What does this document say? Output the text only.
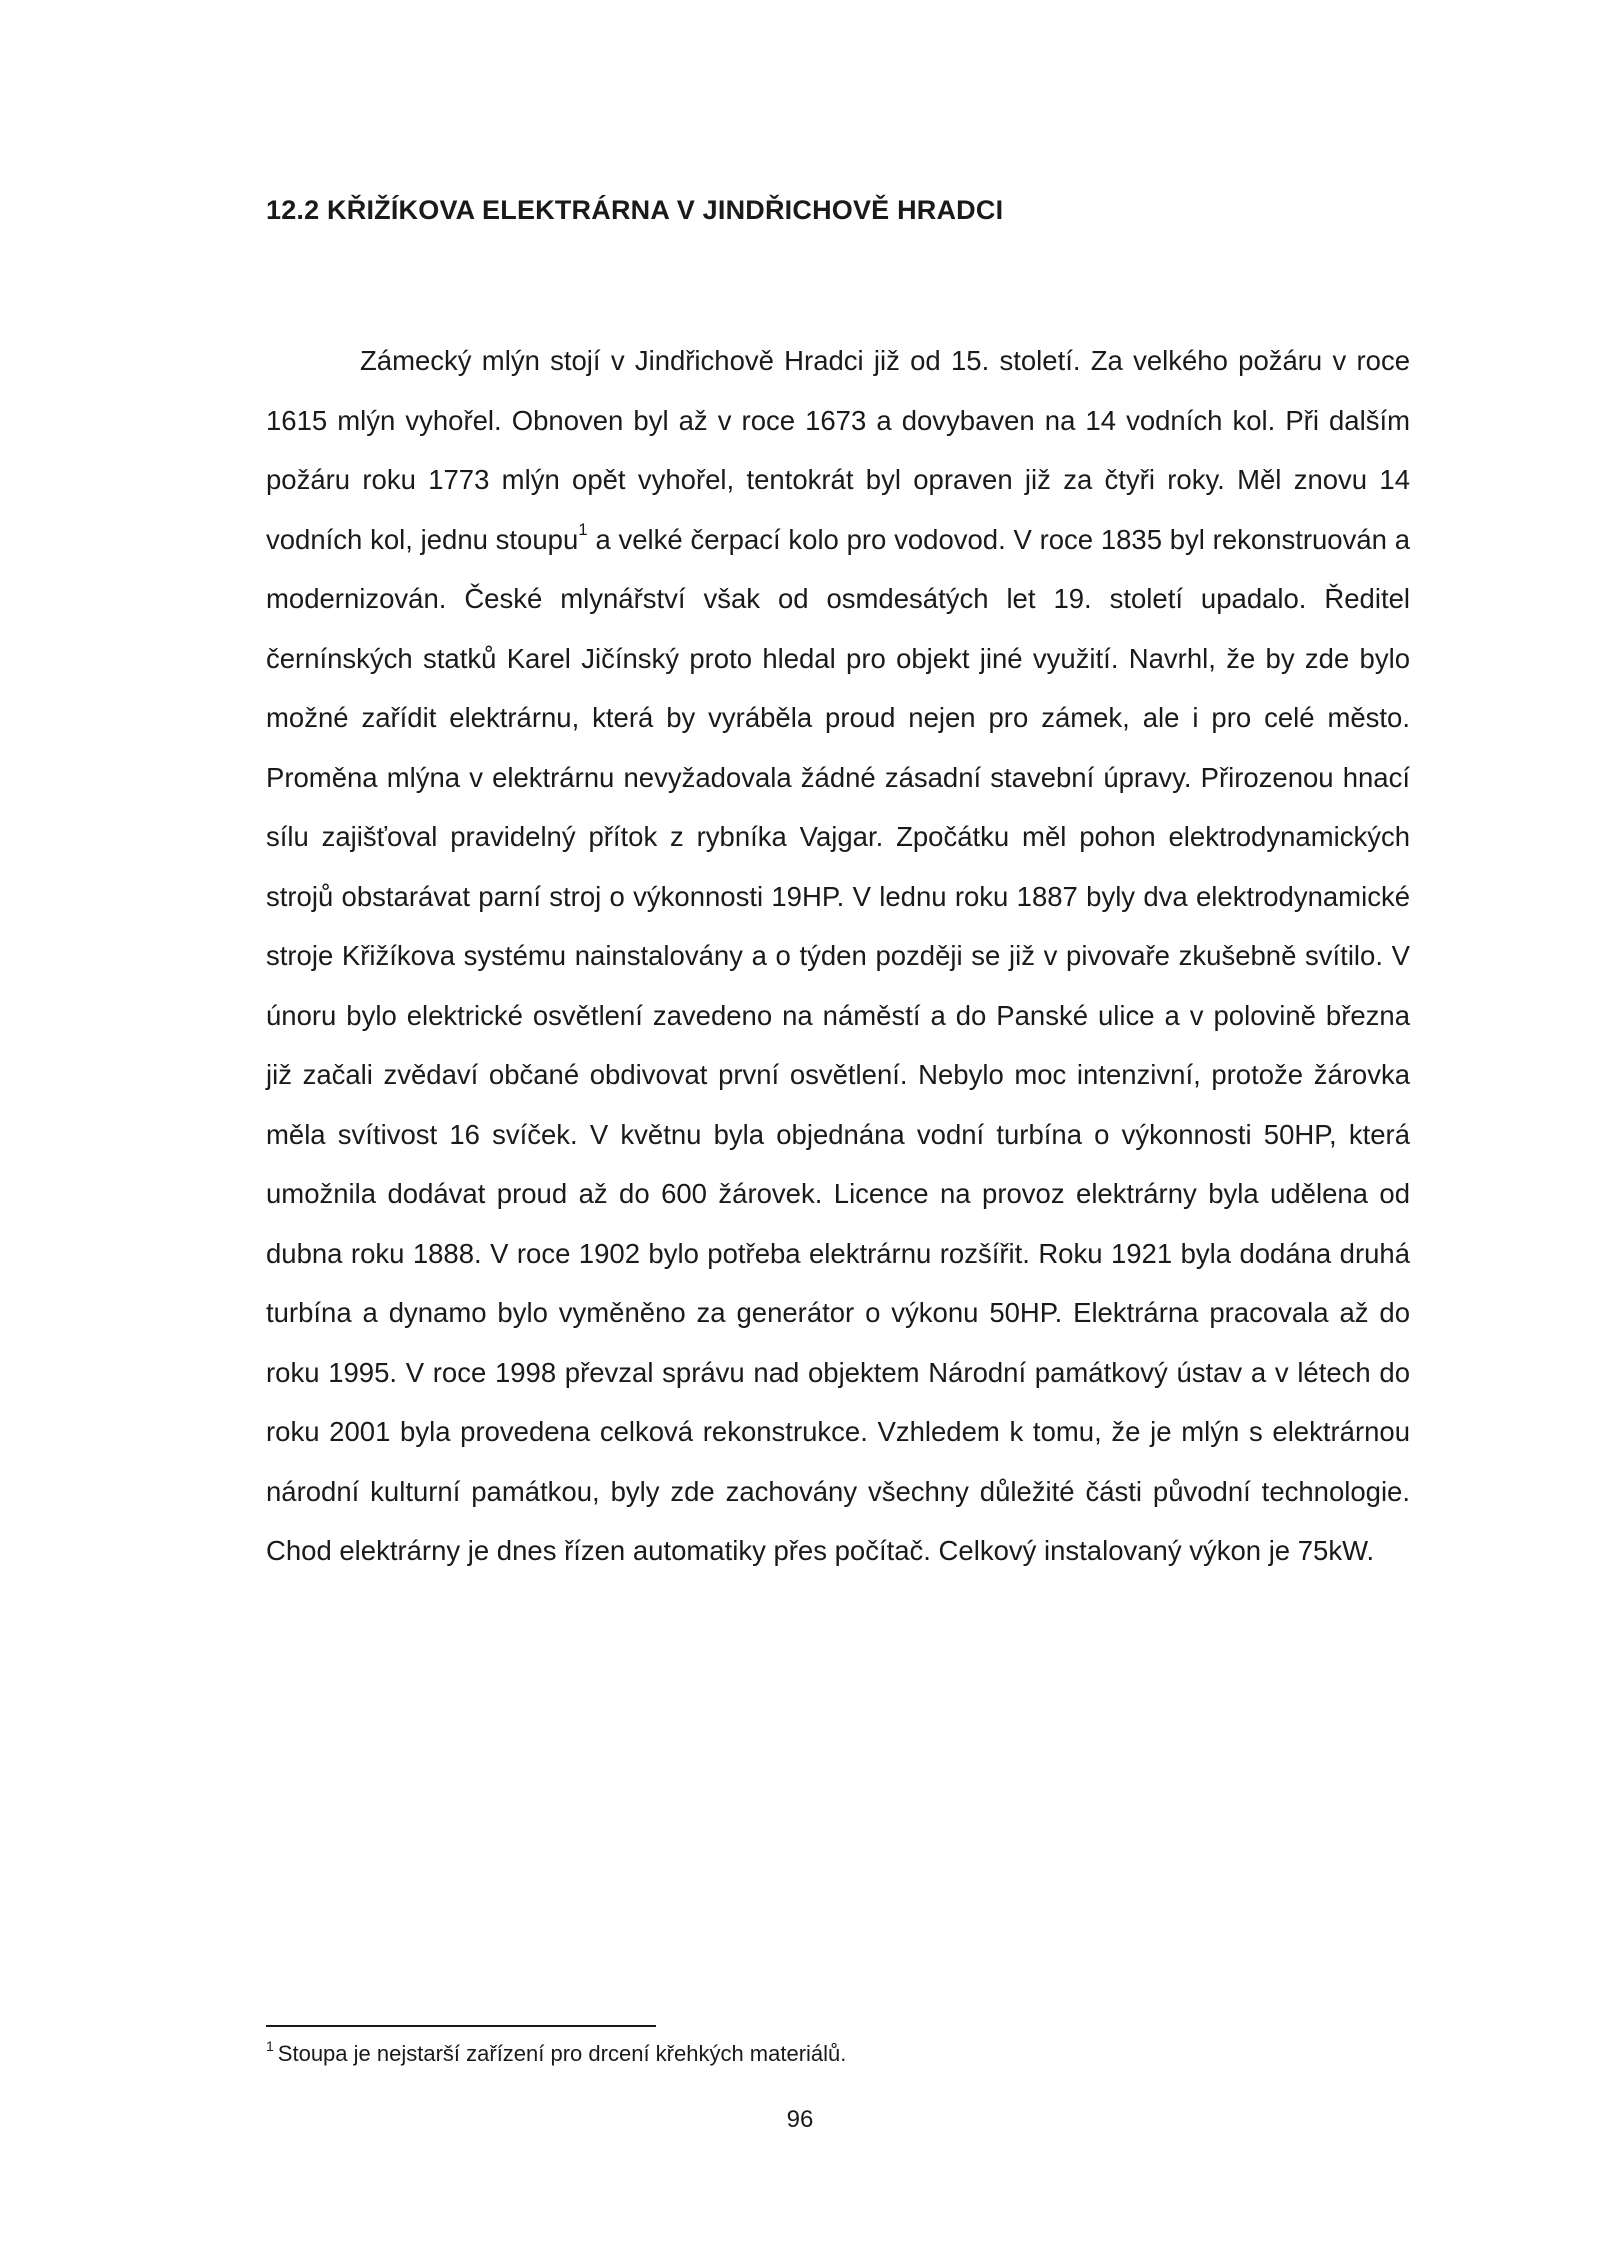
12.2 KŘIŽÍKOVA ELEKTRÁRNA V JINDŘICHOVĚ HRADCI

Zámecký mlýn stojí v Jindřichově Hradci již od 15. století. Za velkého požáru v roce 1615 mlýn vyhořel. Obnoven byl až v roce 1673 a dovybaven na 14 vodních kol. Při dalším požáru roku 1773 mlýn opět vyhořel, tentokrát byl opraven již za čtyři roky. Měl znovu 14 vodních kol, jednu stoupu$^1$ a velké čerpací kolo pro vodovod. V roce 1835 byl rekonstruován a modernizován. České mlynářství však od osmdesátých let 19. století upadalo. Ředitel černínských statků Karel Jičínský proto hledal pro objekt jiné využití. Navrhl, že by zde bylo možné zařídit elektrárnu, která by vyráběla proud nejen pro zámek, ale i pro celé město. Proměna mlýna v elektrárnu nevyžadovala žádné zásadní stavební úpravy. Přirozenou hnací sílu zajišťoval pravidelný přítok z rybníka Vajgar. Zpočátku měl pohon elektrodynamických strojů obstarávat parní stroj o výkonnosti 19HP. V lednu roku 1887 byly dva elektrodynamické stroje Křižíkova systému nainstalovány a o týden později se již v pivovaře zkušebně svítilo. V únoru bylo elektrické osvětlení zavedeno na náměstí a do Panské ulice a v polovině března již začali zvědaví občané obdivovat první osvětlení. Nebylo moc intenzivní, protože žárovka měla svítivost 16 svíček. V květnu byla objednána vodní turbína o výkonnosti 50HP, která umožnila dodávat proud až do 600 žárovek. Licence na provoz elektrárny byla udělena od dubna roku 1888. V roce 1902 bylo potřeba elektrárnu rozšířit. Roku 1921 byla dodána druhá turbína a dynamo bylo vyměněno za generátor o výkonu 50HP. Elektrárna pracovala až do roku 1995. V roce 1998 převzal správu nad objektem Národní památkový ústav a v létech do roku 2001 byla provedena celková rekonstrukce. Vzhledem k tomu, že je mlýn s elektrárnou národní kulturní památkou, byly zde zachovány všechny důležité části původní technologie. Chod elektrárny je dnes řízen automatiky přes počítač. Celkový instalovaný výkon je 75kW.

$^1$ Stoupa je nejstarší zařízení pro drcení křehkých materiálů.
96
